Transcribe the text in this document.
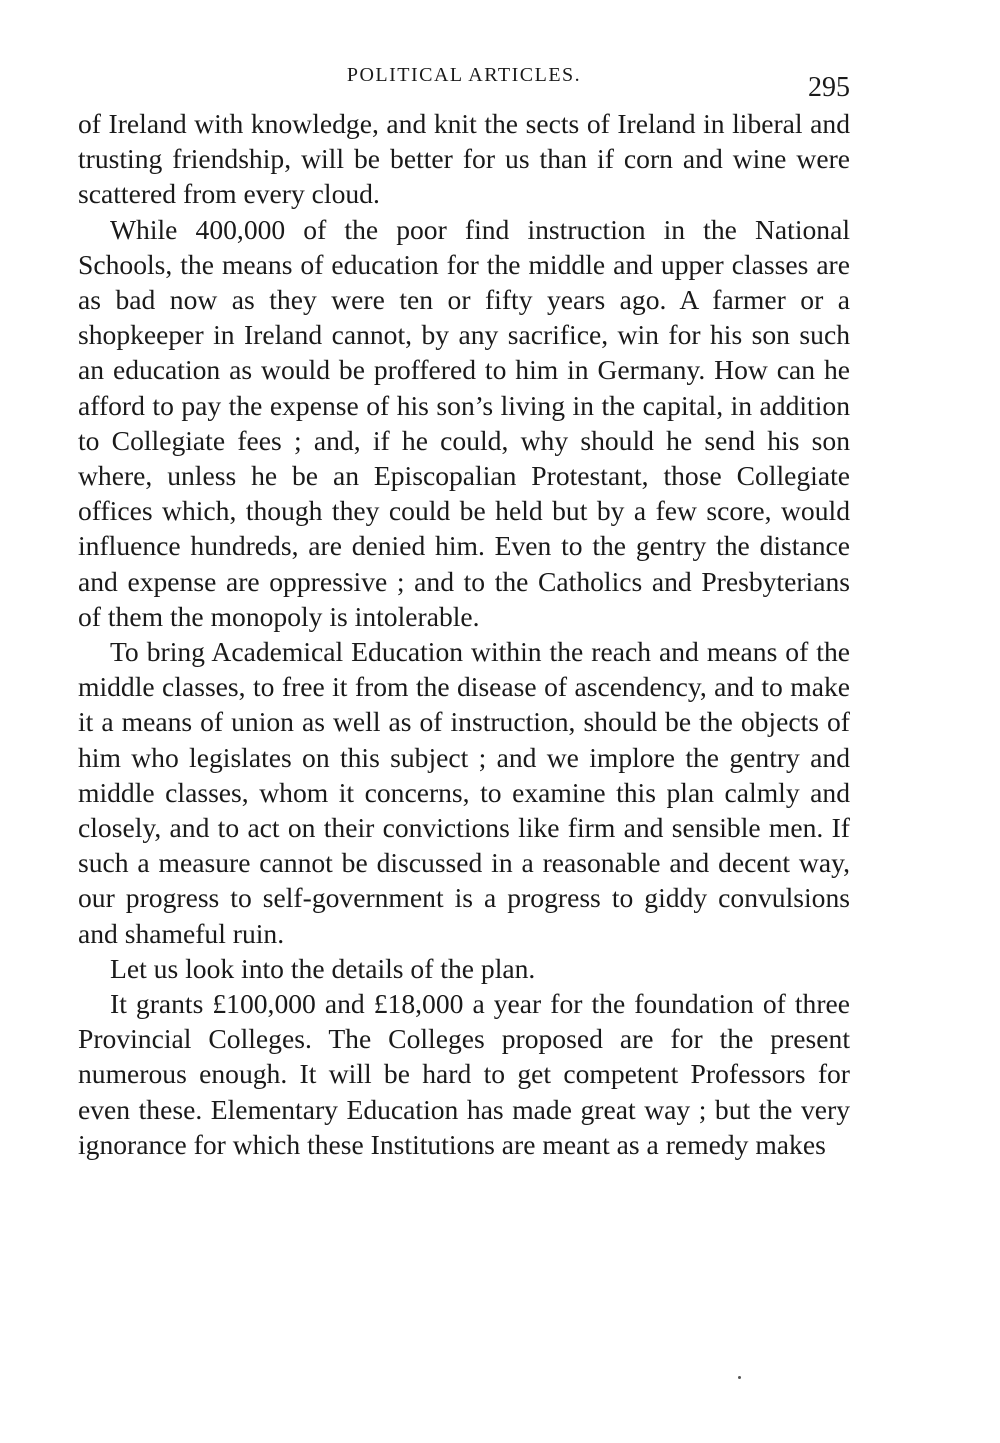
POLITICAL ARTICLES.	295

of Ireland with knowledge, and knit the sects of Ireland in liberal and trusting friendship, will be better for us than if corn and wine were scattered from every cloud.

While 400,000 of the poor find instruction in the National Schools, the means of education for the middle and upper classes are as bad now as they were ten or fifty years ago. A farmer or a shopkeeper in Ireland cannot, by any sacrifice, win for his son such an education as would be proffered to him in Germany. How can he afford to pay the expense of his son’s living in the capital, in addition to Collegiate fees ; and, if he could, why should he send his son where, unless he be an Episcopalian Protestant, those Collegiate offices which, though they could be held but by a few score, would influence hundreds, are denied him. Even to the gentry the distance and expense are oppressive ; and to the Catholics and Presbyterians of them the monopoly is intolerable.

To bring Academical Education within the reach and means of the middle classes, to free it from the disease of ascendency, and to make it a means of union as well as of instruction, should be the objects of him who legislates on this subject ; and we implore the gentry and middle classes, whom it concerns, to examine this plan calmly and closely, and to act on their convictions like firm and sensible men. If such a measure cannot be discussed in a reasonable and decent way, our progress to self-government is a progress to giddy convulsions and shameful ruin.

Let us look into the details of the plan.

It grants £100,000 and £18,000 a year for the foundation of three Provincial Colleges. The Colleges proposed are for the present numerous enough. It will be hard to get competent Professors for even these. Elementary Education has made great way ; but the very ignorance for which these Institutions are meant as a remedy makes
